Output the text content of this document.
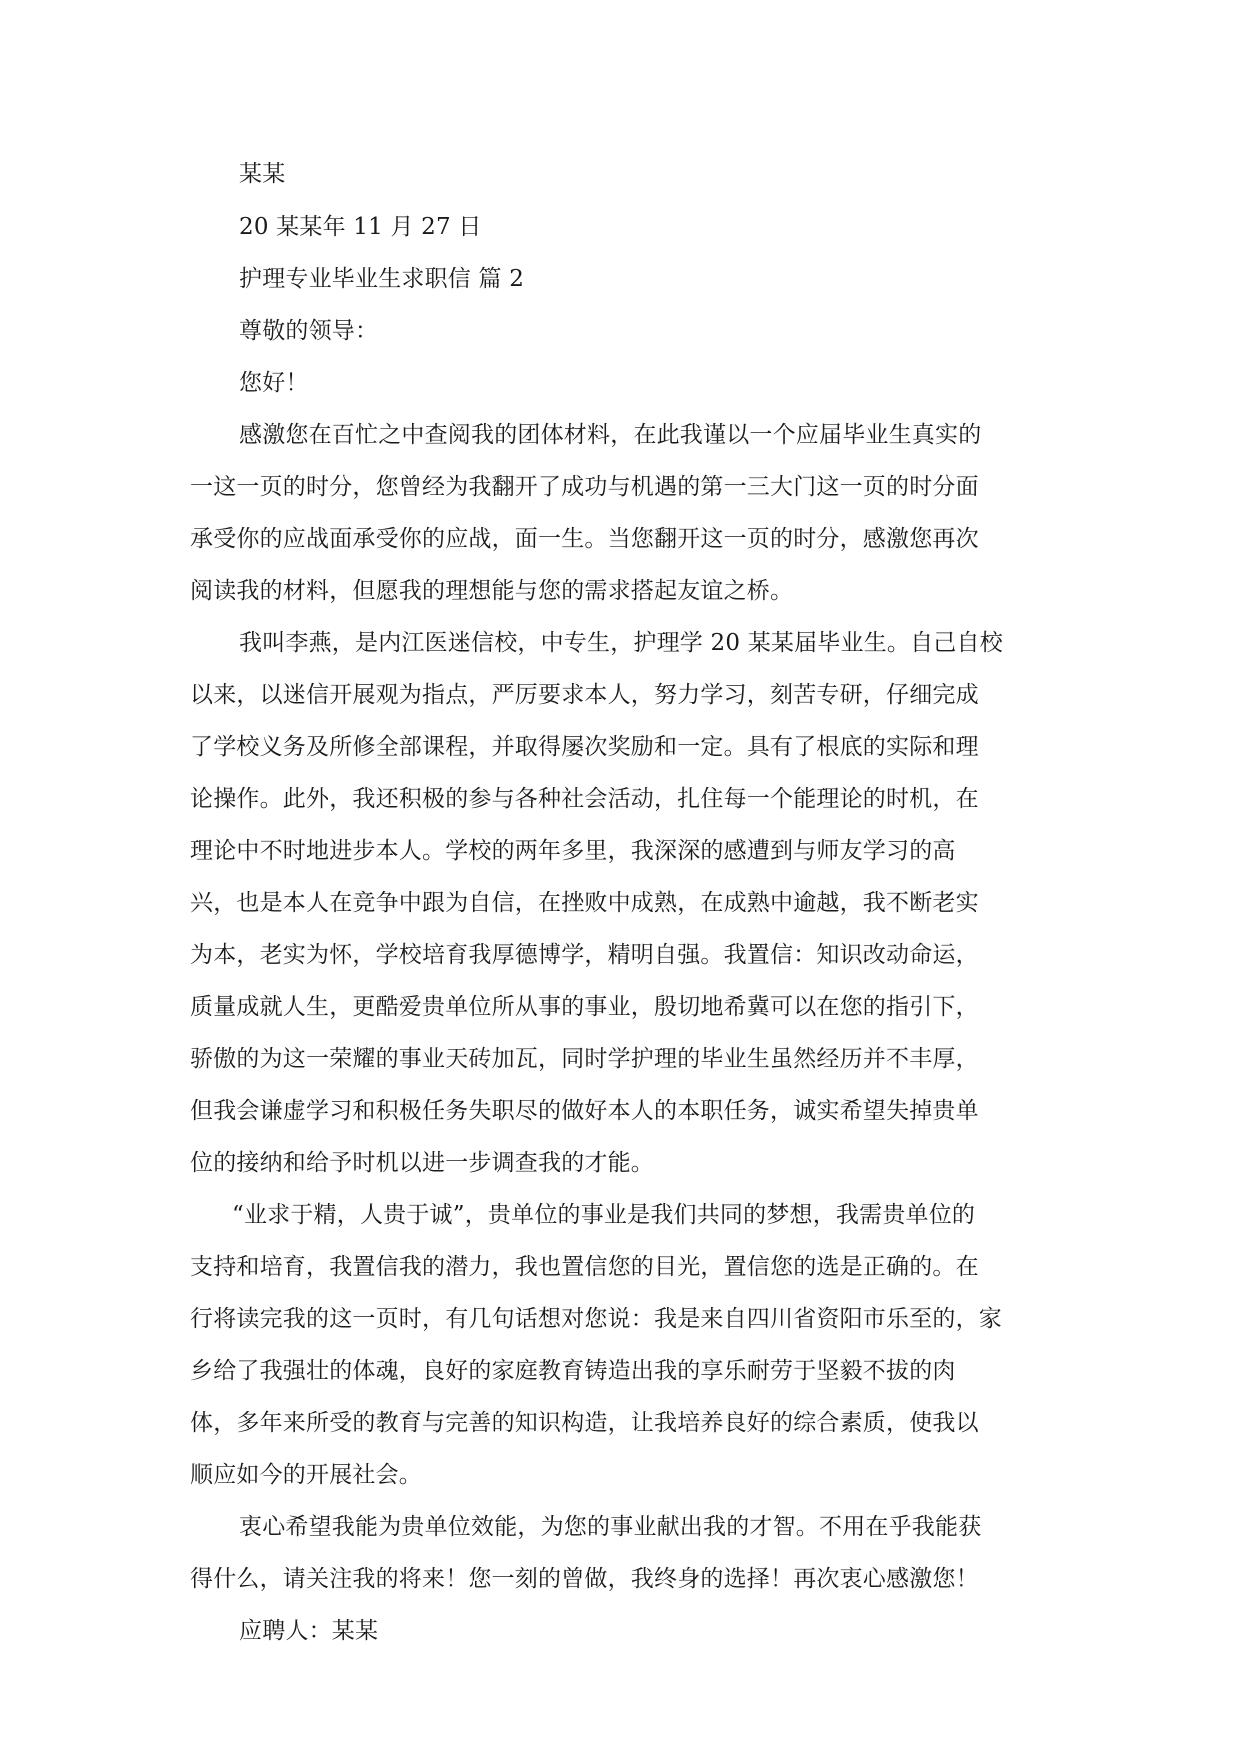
某某
20 某某年 11 月 27 日
护理专业毕业生求职信 篇 2
尊敬的领导：
您好！
感激您在百忙之中查阅我的团体材料，在此我谨以一个应届毕业生真实的
一这一页的时分，您曾经为我翻开了成功与机遇的第一三大门这一页的时分面
承受你的应战面承受你的应战，面一生。当您翻开这一页的时分，感激您再次
阅读我的材料，但愿我的理想能与您的需求搭起友谊之桥。
我叫李燕，是内江医迷信校，中专生，护理学 20 某某届毕业生。自己自校
以来，以迷信开展观为指点，严厉要求本人，努力学习，刻苦专研，仔细完成
了学校义务及所修全部课程，并取得屡次奖励和一定。具有了根底的实际和理
论操作。此外，我还积极的参与各种社会活动，扎住每一个能理论的时机，在
理论中不时地进步本人。学校的两年多里，我深深的感遭到与师友学习的高
兴，也是本人在竞争中跟为自信，在挫败中成熟，在成熟中逾越，我不断老实
为本，老实为怀，学校培育我厚德博学，精明自强。我置信：知识改动命运，
质量成就人生，更酷爱贵单位所从事的事业，殷切地希冀可以在您的指引下，
骄傲的为这一荣耀的事业天砖加瓦，同时学护理的毕业生虽然经历并不丰厚，
但我会谦虚学习和积极任务失职尽的做好本人的本职任务，诚实希望失掉贵单
位的接纳和给予时机以进一步调查我的才能。
“业求于精，人贵于诚”，贵单位的事业是我们共同的梦想，我需贵单位的
支持和培育，我置信我的潜力，我也置信您的目光，置信您的选是正确的。在
行将读完我的这一页时，有几句话想对您说：我是来自四川省资阳市乐至的，家
乡给了我强壮的体魂，良好的家庭教育铸造出我的享乐耐劳于坚毅不拔的肉
体，多年来所受的教育与完善的知识构造，让我培养良好的综合素质，使我以
顺应如今的开展社会。
衷心希望我能为贵单位效能，为您的事业献出我的才智。不用在乎我能获
得什么，请关注我的将来！您一刻的曾做，我终身的选择！再次衷心感激您！
应聘人：某某
